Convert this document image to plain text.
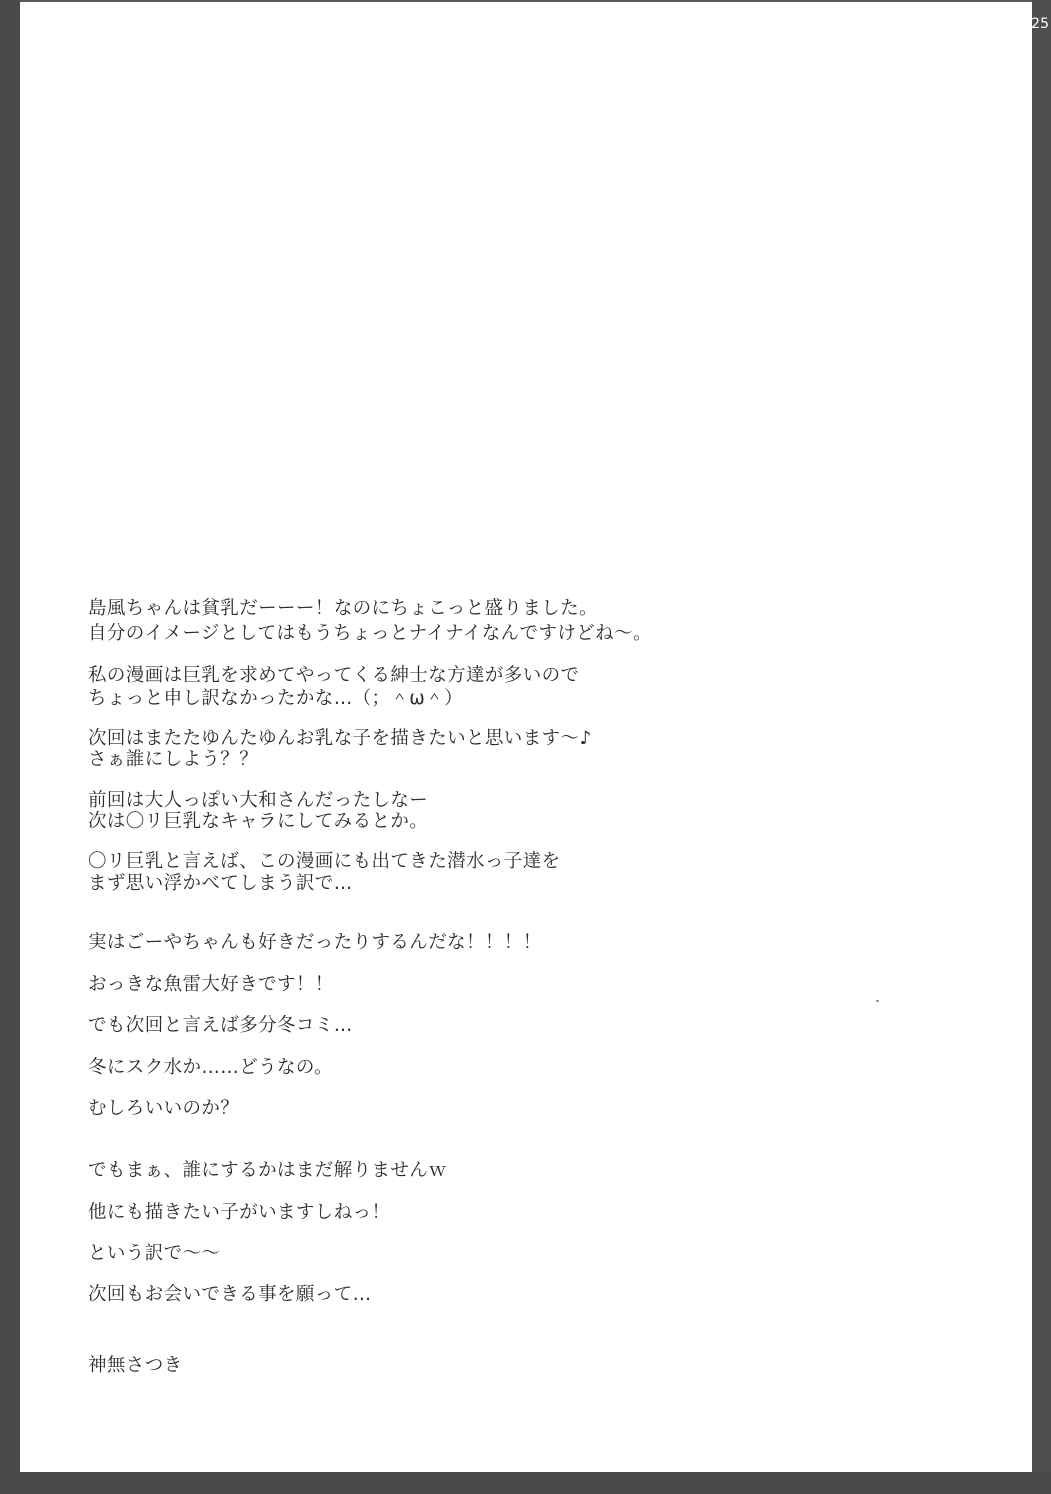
25
島風ちゃんは貧乳だーーー！なのにちょこっと盛りました。
自分のイメージとしてはもうちょっとナイナイなんですけどね～。
私の漫画は巨乳を求めてやってくる紳士な方達が多いので
ちょっと申し訳なかったかな…（；＾ω＾）
次回はまたたゆんたゆんお乳な子を描きたいと思います～♪
さぁ誰にしよう？？
前回は大人っぽい大和さんだったしなー
次は〇リ巨乳なキャラにしてみるとか。
〇リ巨乳と言えば、この漫画にも出てきた潜水っ子達を
まず思い浮かべてしまう訳で…
実はごーやちゃんも好きだったりするんだな！！！！
おっきな魚雷大好きです！！
でも次回と言えば多分冬コミ…
冬にスク水か……どうなの。
むしろいいのか？
でもまぁ、誰にするかはまだ解りませんｗ
他にも描きたい子がいますしねっ！
という訳で～～
次回もお会いできる事を願って…
神無さつき
